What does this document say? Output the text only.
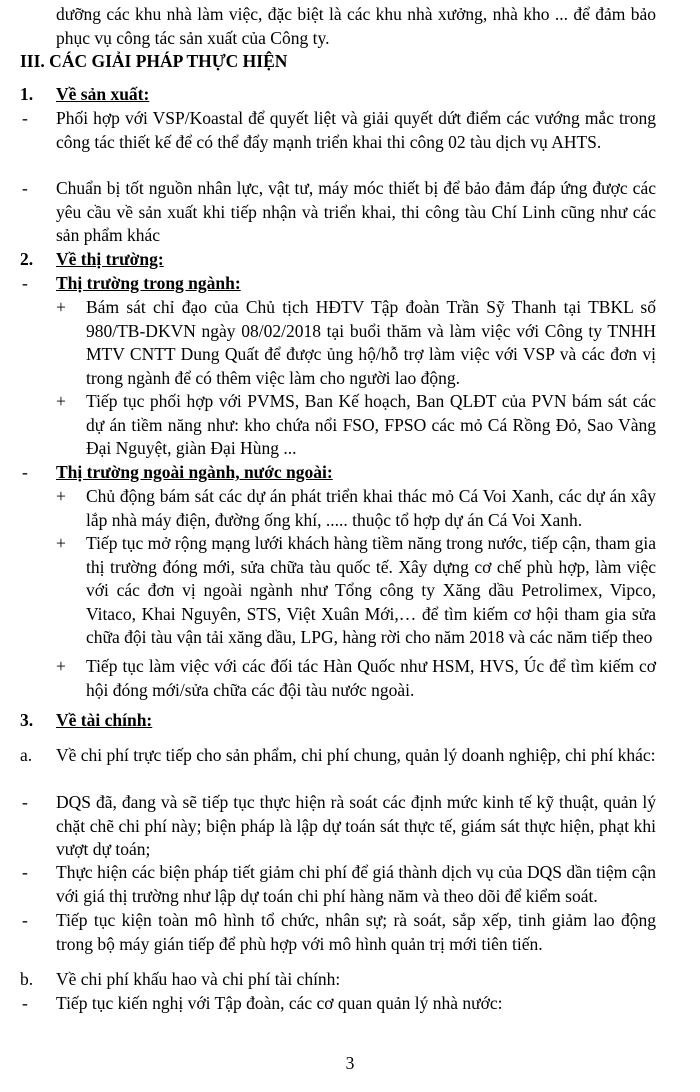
dưỡng các khu nhà làm việc, đặc biệt là các khu nhà xưởng, nhà kho ... để đảm bảo phục vụ công tác sản xuất của Công ty.
III. CÁC GIẢI PHÁP THỰC HIỆN
1. Về sản xuất:
- Phối hợp với VSP/Koastal để quyết liệt và giải quyết dứt điểm các vướng mắc trong công tác thiết kế để có thể đẩy mạnh triển khai thi công 02 tàu dịch vụ AHTS.
- Chuẩn bị tốt nguồn nhân lực, vật tư, máy móc thiết bị để bảo đảm đáp ứng được các yêu cầu về sản xuất khi tiếp nhận và triển khai, thi công tàu Chí Linh cũng như các sản phẩm khác
2. Về thị trường:
- Thị trường trong ngành:
+ Bám sát chỉ đạo của Chủ tịch HĐTV Tập đoàn Trần Sỹ Thanh tại TBKL số 980/TB-DKVN ngày 08/02/2018 tại buổi thăm và làm việc với Công ty TNHH MTV CNTT Dung Quất để được ủng hộ/hỗ trợ làm việc với VSP và các đơn vị trong ngành để có thêm việc làm cho người lao động.
+ Tiếp tục phối hợp với PVMS, Ban Kế hoạch, Ban QLĐT của PVN bám sát các dự án tiềm năng như: kho chứa nổi FSO, FPSO các mỏ Cá Rồng Đỏ, Sao Vàng Đại Nguyệt, giàn Đại Hùng ...
- Thị trường ngoài ngành, nước ngoài:
+ Chủ động bám sát các dự án phát triển khai thác mỏ Cá Voi Xanh, các dự án xây lắp nhà máy điện, đường ống khí, ..... thuộc tổ hợp dự án Cá Voi Xanh.
+ Tiếp tục mở rộng mạng lưới khách hàng tiềm năng trong nước, tiếp cận, tham gia thị trường đóng mới, sửa chữa tàu quốc tế. Xây dựng cơ chế phù hợp, làm việc với các đơn vị ngoài ngành như Tổng công ty Xăng dầu Petrolimex, Vipco, Vitaco, Khai Nguyên, STS, Việt Xuân Mới,… để tìm kiếm cơ hội tham gia sửa chữa đội tàu vận tải xăng dầu, LPG, hàng rời cho năm 2018 và các năm tiếp theo
+ Tiếp tục làm việc với các đối tác Hàn Quốc như HSM, HVS, Úc để tìm kiếm cơ hội đóng mới/sửa chữa các đội tàu nước ngoài.
3. Về tài chính:
a. Về chi phí trực tiếp cho sản phẩm, chi phí chung, quản lý doanh nghiệp, chi phí khác:
- DQS đã, đang và sẽ tiếp tục thực hiện rà soát các định mức kinh tế kỹ thuật, quản lý chặt chẽ chi phí này; biện pháp là lập dự toán sát thực tế, giám sát thực hiện, phạt khi vượt dự toán;
- Thực hiện các biện pháp tiết giảm chi phí để giá thành dịch vụ của DQS dần tiệm cận với giá thị trường như lập dự toán chi phí hàng năm và theo dõi để kiểm soát.
- Tiếp tục kiện toàn mô hình tổ chức, nhân sự; rà soát, sắp xếp, tinh giảm lao động trong bộ máy gián tiếp để phù hợp với mô hình quản trị mới tiên tiến.
b. Về chi phí khấu hao và chi phí tài chính:
- Tiếp tục kiến nghị với Tập đoàn, các cơ quan quản lý nhà nước:
3
